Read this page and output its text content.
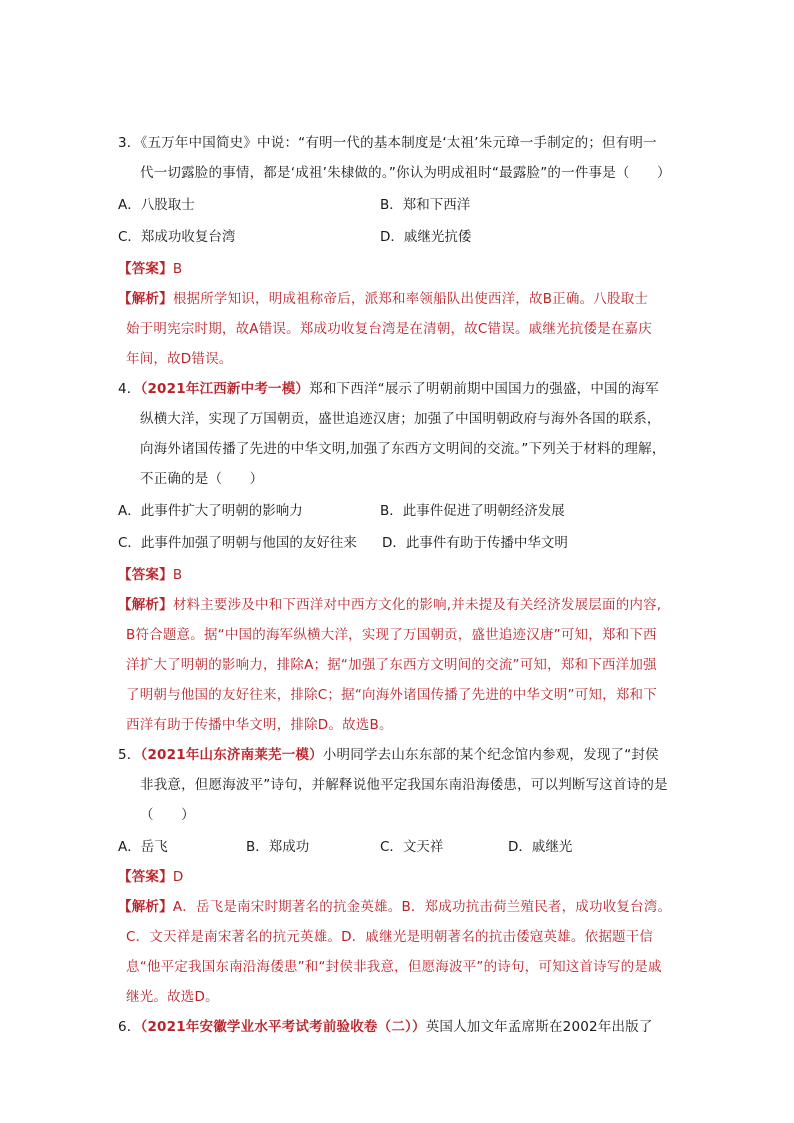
3．《五万年中国简史》中说：“有明一代的基本制度是‘太祖’朱元璋一手制定的；但有明一
代一切露脸的事情，都是‘成祖’朱棣做的。”你认为明成祖时“最露脸”的一件事是（　　）
A．八股取士	B．郑和下西洋
C．郑成功收复台湾	D．戚继光抗倭
【答案】B
【解析】根据所学知识，明成祖称帝后，派郑和率领船队出使西洋，故B正确。八股取士
始于明宪宗时期，故A错误。郑成功收复台湾是在清朝，故C错误。戚继光抗倭是在嘉庆
年间，故D错误。
4．（2021年江西新中考一模）郑和下西洋“展示了明朝前期中国国力的强盛，中国的海军
纵横大洋，实现了万国朝贡，盛世追迹汉唐；加强了中国明朝政府与海外各国的联系，
向海外诸国传播了先进的中华文明,加强了东西方文明间的交流。”下列关于材料的理解，
不正确的是（　　）
A．此事件扩大了明朝的影响力	B．此事件促进了明朝经济发展
C．此事件加强了明朝与他国的友好往来 D．此事件有助于传播中华文明
【答案】B
【解析】材料主要涉及中和下西洋对中西方文化的影响,并未提及有关经济发展层面的内容,
B符合题意。据“中国的海军纵横大洋，实现了万国朝贡，盛世追迹汉唐”可知，郑和下西
洋扩大了明朝的影响力，排除A；据“加强了东西方文明间的交流”可知，郑和下西洋加强
了明朝与他国的友好往来，排除C；据“向海外诸国传播了先进的中华文明”可知，郑和下
西洋有助于传播中华文明，排除D。故选B。
5．（2021年山东济南莱芜一模）小明同学去山东东部的某个纪念馆内参观，发现了“封侯
非我意，但愿海波平”诗句，并解释说他平定我国东南沿海倭患，可以判断写这首诗的是
（　　）
A．岳飞	B．郑成功	C．文天祥	D．戚继光
【答案】D
【解析】A．岳飞是南宋时期著名的抗金英雄。B．郑成功抗击荷兰殖民者，成功收复台湾。
C．文天祥是南宋著名的抗元英雄。D．戚继光是明朝著名的抗击倭寇英雄。依据题干信
息“他平定我国东南沿海倭患”和“封侯非我意，但愿海波平”的诗句，可知这首诗写的是戚
继光。故选D。
6．（2021年安徽学业水平考试考前验收卷（二））英国人加文年孟席斯在2002年出版了
